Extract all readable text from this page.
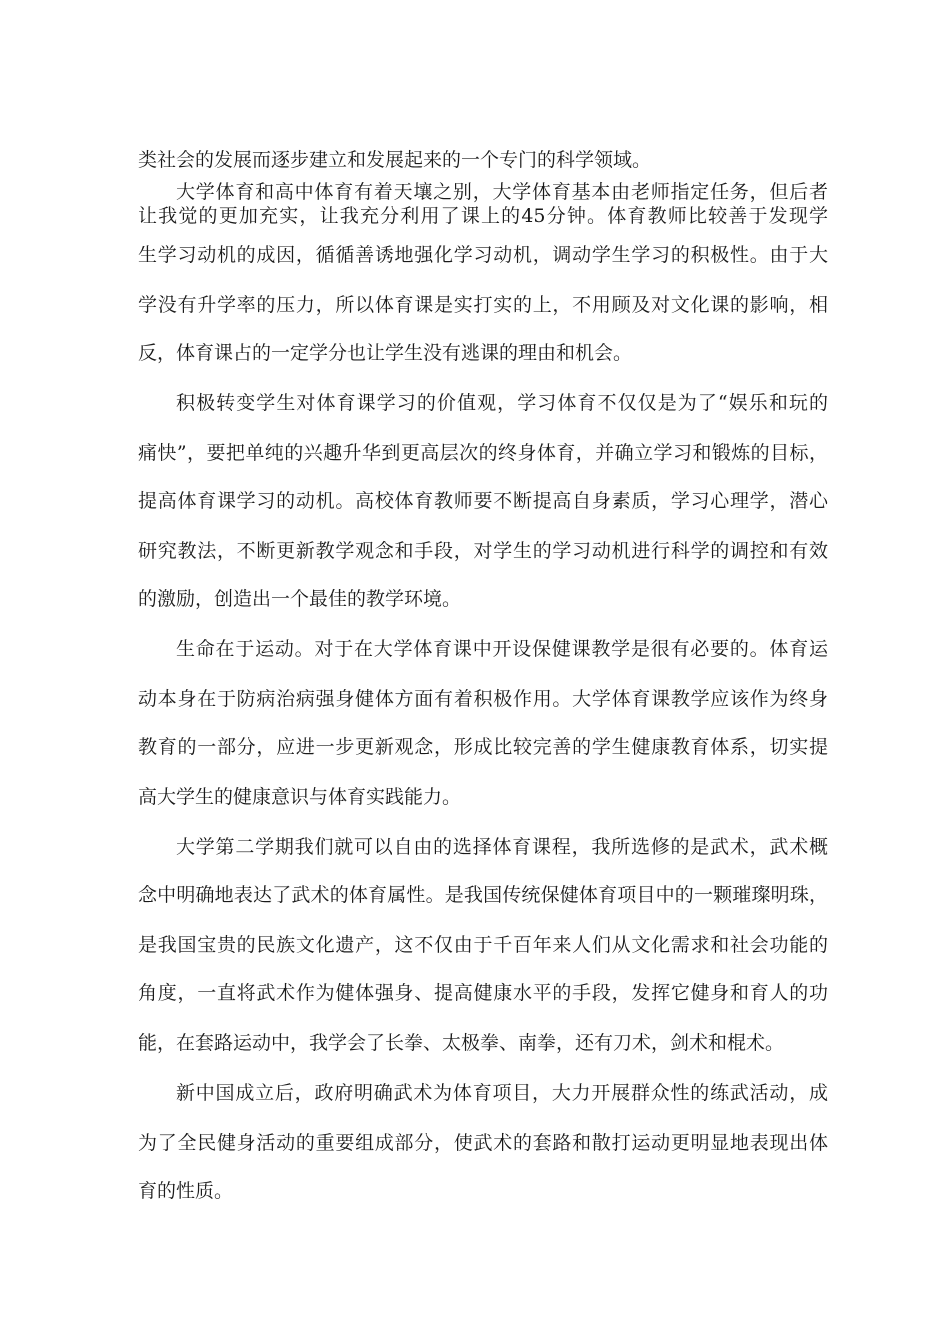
类社会的发展而逐步建立和发展起来的一个专门的科学领域。
大学体育和高中体育有着天壤之别，大学体育基本由老师指定任务，但后者
让我觉的更加充实，让我充分利用了课上的45分钟。体育教师比较善于发现学
生学习动机的成因，循循善诱地强化学习动机，调动学生学习的积极性。由于大
学没有升学率的压力，所以体育课是实打实的上，不用顾及对文化课的影响，相
反，体育课占的一定学分也让学生没有逃课的理由和机会。
积极转变学生对体育课学习的价值观，学习体育不仅仅是为了“娱乐和玩的
痛快”，要把单纯的兴趣升华到更高层次的终身体育，并确立学习和锻炼的目标，
提高体育课学习的动机。高校体育教师要不断提高自身素质，学习心理学，潜心
研究教法，不断更新教学观念和手段，对学生的学习动机进行科学的调控和有效
的激励，创造出一个最佳的教学环境。
生命在于运动。对于在大学体育课中开设保健课教学是很有必要的。体育运
动本身在于防病治病强身健体方面有着积极作用。大学体育课教学应该作为终身
教育的一部分，应进一步更新观念，形成比较完善的学生健康教育体系，切实提
高大学生的健康意识与体育实践能力。
大学第二学期我们就可以自由的选择体育课程，我所选修的是武术，武术概
念中明确地表达了武术的体育属性。是我国传统保健体育项目中的一颗璀璨明珠，
是我国宝贵的民族文化遗产，这不仅由于千百年来人们从文化需求和社会功能的
角度，一直将武术作为健体强身、提高健康水平的手段，发挥它健身和育人的功
能，在套路运动中，我学会了长拳、太极拳、南拳，还有刀术，剑术和棍术。
新中国成立后，政府明确武术为体育项目，大力开展群众性的练武活动，成
为了全民健身活动的重要组成部分，使武术的套路和散打运动更明显地表现出体
育的性质。
